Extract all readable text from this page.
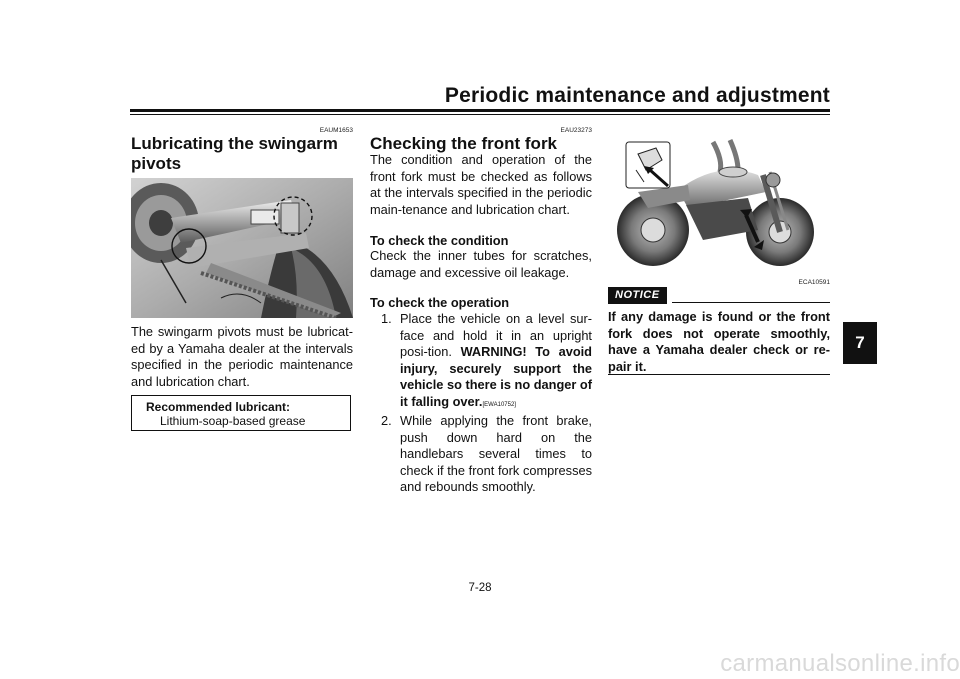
Periodic maintenance and adjustment
7
EAUM1653
Lubricating the swingarm pivots
The swingarm pivots must be lubricat-ed by a Yamaha dealer at the intervals specified in the periodic maintenance and lubrication chart.
Recommended lubricant:
Lithium-soap-based grease
EAU23273
Checking the front fork
The condition and operation of the front fork must be checked as follows at the intervals specified in the periodic main-tenance and lubrication chart.
To check the condition
Check the inner tubes for scratches, damage and excessive oil leakage.
To check the operation
1. Place the vehicle on a level sur-face and hold it in an upright posi-tion. WARNING! To avoid injury, securely support the vehicle so there is no danger of it falling over.[EWA10752]
2. While applying the front brake, push down hard on the handlebars several times to check if the front fork compresses and rebounds smoothly.
ECA10591
NOTICE
If any damage is found or the front fork does not operate smoothly, have a Yamaha dealer check or re-pair it.
7-28
carmanualsonline.info
